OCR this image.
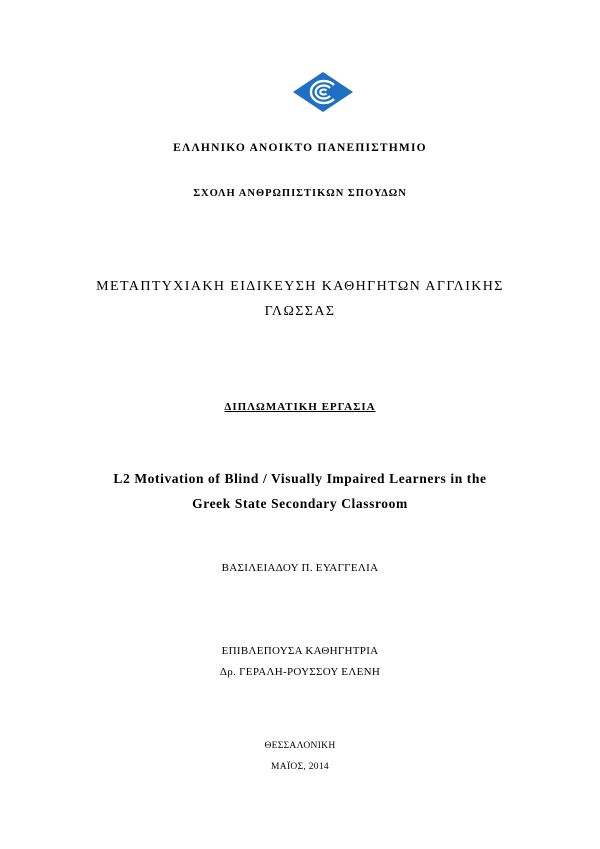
ΕΛΛΗΝΙΚΟ ΑΝΟΙΚΤΟ ΠΑΝΕΠΙΣΤΗΜΙΟ
ΣΧΟΛΗ ΑΝΘΡΩΠΙΣΤΙΚΩΝ ΣΠΟΥΔΩΝ
ΜΕΤΑΠΤΥΧΙΑΚΗ ΕΙΔΙΚΕΥΣΗ ΚΑΘΗΓΗΤΩΝ ΑΓΓΛΙΚΗΣ
ΓΛΩΣΣΑΣ
ΔΙΠΛΩΜΑΤΙΚΗ ΕΡΓΑΣΙΑ
L2 Motivation of Blind / Visually Impaired Learners in the
Greek State Secondary Classroom
ΒΑΣΙΛΕΙΑΔΟΥ Π. ΕΥΑΓΓΕΛΙΑ
ΕΠΙΒΛΕΠΟΥΣΑ ΚΑΘΗΓΗΤΡΙΑ
Δρ. ΓΕΡΑΛΗ-ΡΟΥΣΣΟΥ ΕΛΕΝΗ
ΘΕΣΣΑΛΟΝΙΚΗ
ΜΑΪΟΣ, 2014
